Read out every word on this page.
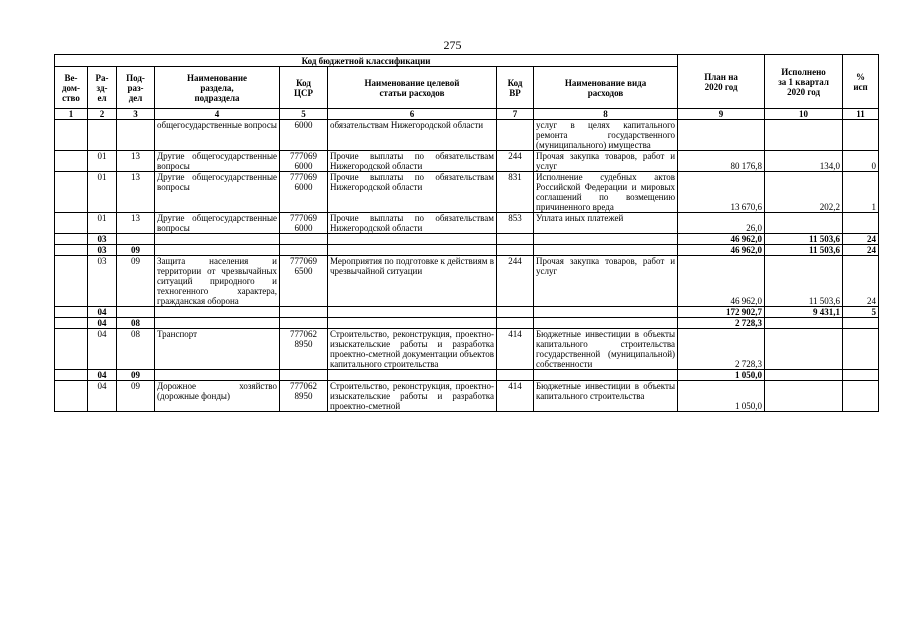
275
Код бюджетной классификации								План на
2020 год	Исполнено
за 1 квартал
2020 год	%
исп
Ве-
дом-
ство	Ра-
зд-
ел	Под-
раз-
дел	Наименование
раздела,
подраздела	Код
ЦСР	Наименование целевой
статьи расходов	Код
ВР	Наименование вида
расходов			
1	2	3	4	5	6	7	8	9	10	11
			общегосударственные вопросы	6000	обязательствам Нижегородской области		услуг в целях капитального ремонта государственного (муниципального) имущества			
	01	13	Другие общегосударственные вопросы	777069 6000	Прочие выплаты по обязательствам Нижегородской области	244	Прочая закупка товаров, работ и услуг	80 176,8	134,0	0
	01	13	Другие общегосударственные вопросы	777069 6000	Прочие выплаты по обязательствам Нижегородской области	831	Исполнение судебных актов Российской Федерации и мировых соглашений по возмещению причиненного вреда	13 670,6	202,2	1
	01	13	Другие общегосударственные вопросы	777069 6000	Прочие выплаты по обязательствам Нижегородской области	853	Уплата иных платежей	26,0		
	03							46 962,0	11 503,6	24
	03	09						46 962,0	11 503,6	24
	03	09	Защита населения и территории от чрезвычайных ситуаций природного и техногенного характера, гражданская оборона	777069 6500	Мероприятия по подготовке к действиям в чрезвычайной ситуации	244	Прочая закупка товаров, работ и услуг	46 962,0	11 503,6	24
	04							172 902,7	9 431,1	5
	04	08						2 728,3		
	04	08	Транспорт	777062 8950	Строительство, реконструкция, проектно-изыскательские работы и разработка проектно-сметной документации объектов капитального строительства	414	Бюджетные инвестиции в объекты капитального строительства государственной (муниципальной) собственности	2 728,3		
	04	09						1 050,0		
	04	09	Дорожное хозяйство (дорожные фонды)	777062 8950	Строительство, реконструкция, проектно-изыскательские работы и разработка проектно-сметной	414	Бюджетные инвестиции в объекты капитального строительства	1 050,0		
